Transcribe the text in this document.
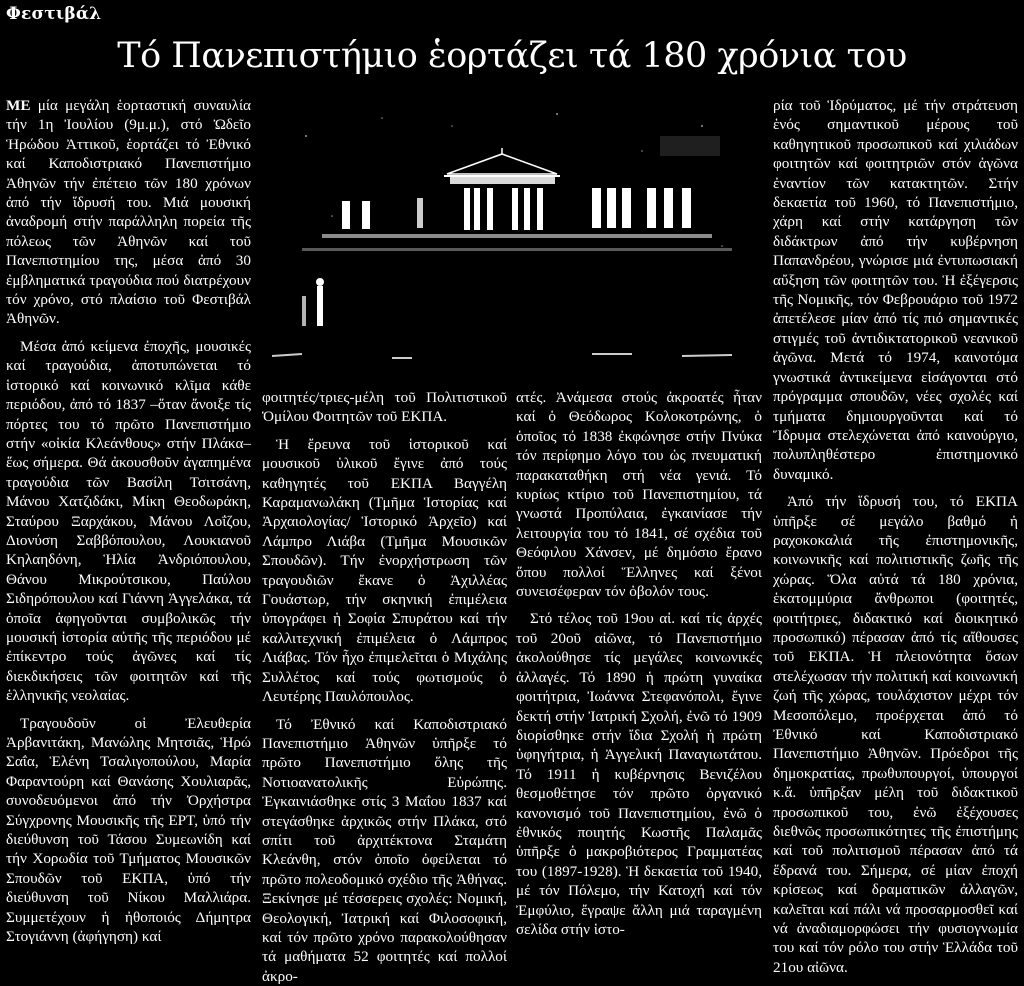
Φεστιβάλ
Τό Πανεπιστήμιο ἑορτάζει τά 180 χρόνια του

ΜΕ μία μεγάλη ἑορταστική συναυλία τήν 1η Ἰουλίου (9μ.μ.), στό Ὠδεῖο Ἡρώδου Ἀττικοῦ, ἑορτάζει τό Ἐθνικό καί Καποδιστριακό Πανεπιστήμιο Ἀθηνῶν τήν ἐπέτειο τῶν 180 χρόνων ἀπό τήν ἵδρυσή του. Μιά μουσική ἀναδρομή στήν παράλληλη πορεία τῆς πόλεως τῶν Ἀθηνῶν καί τοῦ Πανεπιστημίου της, μέσα ἀπό 30 ἐμβληματικά τραγούδια πού διατρέχουν τόν χρόνο, στό πλαίσιο τοῦ Φεστιβάλ Ἀθηνῶν.

Μέσα ἀπό κείμενα ἐποχῆς, μουσικές καί τραγούδια, ἀποτυπώνεται τό ἱστορικό καί κοινωνικό κλῖμα κάθε περιόδου, ἀπό τό 1837 –ὅταν ἄνοιξε τίς πόρτες του τό πρῶτο Πανεπιστήμιο στήν «οἰκία Κλεάνθους» στήν Πλάκα– ἕως σήμερα. Θά ἀκουσθοῦν ἀγαπημένα τραγούδια τῶν Βασίλη Τσιτσάνη, Μάνου Χατζιδάκι, Μίκη Θεοδωράκη, Σταύρου Ξαρχάκου, Μάνου Λοΐζου, Διονύση Σαββόπουλου, Λουκιανοῦ Κηλαηδόνη, Ἡλία Ἀνδριόπουλου, Θάνου Μικρούτσικου, Παύλου Σιδηρόπουλου καί Γιάννη Ἀγγελάκα, τά ὁποῖα ἀφηγοῦνται συμβολικῶς τήν μουσική ἱστορία αὐτῆς τῆς περιόδου μέ ἐπίκεντρο τούς ἀγῶνες καί τίς διεκδικήσεις τῶν φοιτητῶν καί τῆς ἑλληνικῆς νεολαίας.

Τραγουδοῦν οἱ Ἐλευθερία Ἀρβανιτάκη, Μανώλης Μητσιᾶς, Ἡρώ Σαΐα, Ἑλένη Τσαλιγοπούλου, Μαρία Φαραντούρη καί Θανάσης Χουλιαρᾶς, συνοδευόμενοι ἀπό τήν Ὀρχήστρα Σύγχρονης Μουσικῆς τῆς ΕΡΤ, ὑπό τήν διεύθυνση τοῦ Τάσου Συμεωνίδη καί τήν Χορωδία τοῦ Τμήματος Μουσικῶν Σπουδῶν τοῦ ΕΚΠΑ, ὑπό τήν διεύθυνση τοῦ Νίκου Μαλλιάρα. Συμμετέχουν ἡ ἠθοποιός Δήμητρα Στογιάννη (ἀφήγηση) καί

φοιτητές/τριες-μέλη τοῦ Πολιτιστικοῦ Ὁμίλου Φοιτητῶν τοῦ ΕΚΠΑ.

Ἡ ἔρευνα τοῦ ἱστορικοῦ καί μουσικοῦ ὑλικοῦ ἔγινε ἀπό τούς καθηγητές τοῦ ΕΚΠΑ Βαγγέλη Καραμανωλάκη (Τμῆμα Ἱστορίας καί Ἀρχαιολογίας/ Ἱστορικό Ἀρχεῖο) καί Λάμπρο Λιάβα (Τμῆμα Μουσικῶν Σπουδῶν). Τήν ἐνορχήστρωση τῶν τραγουδιῶν ἔκανε ὁ Ἀχιλλέας Γουάστωρ, τήν σκηνική ἐπιμέλεια ὑπογράφει ἡ Σοφία Σπυράτου καί τήν καλλιτεχνική ἐπιμέλεια ὁ Λάμπρος Λιάβας. Τόν ἦχο ἐπιμελεῖται ὁ Μιχάλης Συλλέτος καί τούς φωτισμούς ὁ Λευτέρης Παυλόπουλος.

Τό Ἐθνικό καί Καποδιστριακό Πανεπιστήμιο Ἀθηνῶν ὑπῆρξε τό πρῶτο Πανεπιστήμιο ὅλης τῆς Νοτιοανατολικῆς Εὐρώπης. Ἐγκαινιάσθηκε στίς 3 Μαΐου 1837 καί στεγάσθηκε ἀρχικῶς στήν Πλάκα, στό σπίτι τοῦ ἀρχιτέκτονα Σταμάτη Κλεάνθη, στόν ὁποῖο ὀφείλεται τό πρῶτο πολεοδομικό σχέδιο τῆς Ἀθήνας. Ξεκίνησε μέ τέσσερεις σχολές: Νομική, Θεολογική, Ἰατρική καί Φιλοσοφική, καί τόν πρῶτο χρόνο παρακολούθησαν τά μαθήματα 52 φοιτητές καί πολλοί ἀκρο-

ατές. Ἀνάμεσα στούς ἀκροατές ἦταν καί ὁ Θεόδωρος Κολοκοτρώνης, ὁ ὁποῖος τό 1838 ἐκφώνησε στήν Πνύκα τόν περίφημο λόγο του ὡς πνευματική παρακαταθήκη στή νέα γενιά. Τό κυρίως κτίριο τοῦ Πανεπιστημίου, τά γνωστά Προπύλαια, ἐγκαινίασε τήν λειτουργία του τό 1841, σέ σχέδια τοῦ Θεόφιλου Χάνσεν, μέ δημόσιο ἔρανο ὅπου πολλοί Ἕλληνες καί ξένοι συνεισέφεραν τόν ὀβολόν τους.

Στό τέλος τοῦ 19ου αἰ. καί τίς ἀρχές τοῦ 20οῦ αἰῶνα, τό Πανεπιστήμιο ἀκολούθησε τίς μεγάλες κοινωνικές ἀλλαγές. Τό 1890 ἡ πρώτη γυναίκα φοιτήτρια, Ἰωάννα Στεφανόπολι, ἔγινε δεκτή στήν Ἰατρική Σχολή, ἐνῶ τό 1909 διορίσθηκε στήν ἴδια Σχολή ἡ πρώτη ὑφηγήτρια, ἡ Ἀγγελική Παναγιωτάτου. Τό 1911 ἡ κυβέρνησις Βενιζέλου θεσμοθέτησε τόν πρῶτο ὀργανικό κανονισμό τοῦ Πανεπιστημίου, ἐνῶ ὁ ἐθνικός ποιητής Κωστῆς Παλαμᾶς ὑπῆρξε ὁ μακροβιότερος Γραμματέας του (1897-1928). Ἡ δεκαετία τοῦ 1940, μέ τόν Πόλεμο, τήν Κατοχή καί τόν Ἐμφύλιο, ἔγραψε ἄλλη μιά ταραγμένη σελίδα στήν ἱστο-

ρία τοῦ Ἱδρύματος, μέ τήν στράτευση ἑνός σημαντικοῦ μέρους τοῦ καθηγητικοῦ προσωπικοῦ καί χιλιάδων φοιτητῶν καί φοιτητριῶν στόν ἀγῶνα ἐναντίον τῶν κατακτητῶν. Στήν δεκαετία τοῦ 1960, τό Πανεπιστήμιο, χάρη καί στήν κατάργηση τῶν διδάκτρων ἀπό τήν κυβέρνηση Παπανδρέου, γνώρισε μιά ἐντυπωσιακή αὔξηση τῶν φοιτητῶν του. Ἡ ἐξέγερσις τῆς Νομικῆς, τόν Φεβρουάριο τοῦ 1972 ἀπετέλεσε μίαν ἀπό τίς πιό σημαντικές στιγμές τοῦ ἀντιδικτατορικοῦ νεανικοῦ ἀγῶνα. Μετά τό 1974, καινοτόμα γνωστικά ἀντικείμενα εἰσάγονται στό πρόγραμμα σπουδῶν, νέες σχολές καί τμήματα δημιουργοῦνται καί τό Ἵδρυμα στελεχώνεται ἀπό καινούργιο, πολυπληθέστερο ἐπιστημονικό δυναμικό.

Ἀπό τήν ἵδρυσή του, τό ΕΚΠΑ ὑπῆρξε σέ μεγάλο βαθμό ἡ ραχοκοκαλιά τῆς ἐπιστημονικῆς, κοινωνικῆς καί πολιτιστικῆς ζωῆς τῆς χώρας. Ὅλα αὐτά τά 180 χρόνια, ἑκατομμύρια ἄνθρωποι (φοιτητές, φοιτήτριες, διδακτικό καί διοικητικό προσωπικό) πέρασαν ἀπό τίς αἴθουσες τοῦ ΕΚΠΑ. Ἡ πλειονότητα ὅσων στελέχωσαν τήν πολιτική καί κοινωνική ζωή τῆς χώρας, τουλάχιστον μέχρι τόν Μεσοπόλεμο, προέρχεται ἀπό τό Ἐθνικό καί Καποδιστριακό Πανεπιστήμιο Ἀθηνῶν. Πρόεδροι τῆς δημοκρατίας, πρωθυπουργοί, ὑπουργοί κ.ἄ. ὑπῆρξαν μέλη τοῦ διδακτικοῦ προσωπικοῦ του, ἐνῶ ἐξέχουσες διεθνῶς προσωπικότητες τῆς ἐπιστήμης καί τοῦ πολιτισμοῦ πέρασαν ἀπό τά ἕδρανά του. Σήμερα, σέ μίαν ἐποχή κρίσεως καί δραματικῶν ἀλλαγῶν, καλεῖται καί πάλι νά προσαρμοσθεῖ καί νά ἀναδιαμορφώσει τήν φυσιογνωμία του καί τόν ρόλο του στήν Ἑλλάδα τοῦ 21ου αἰῶνα.
